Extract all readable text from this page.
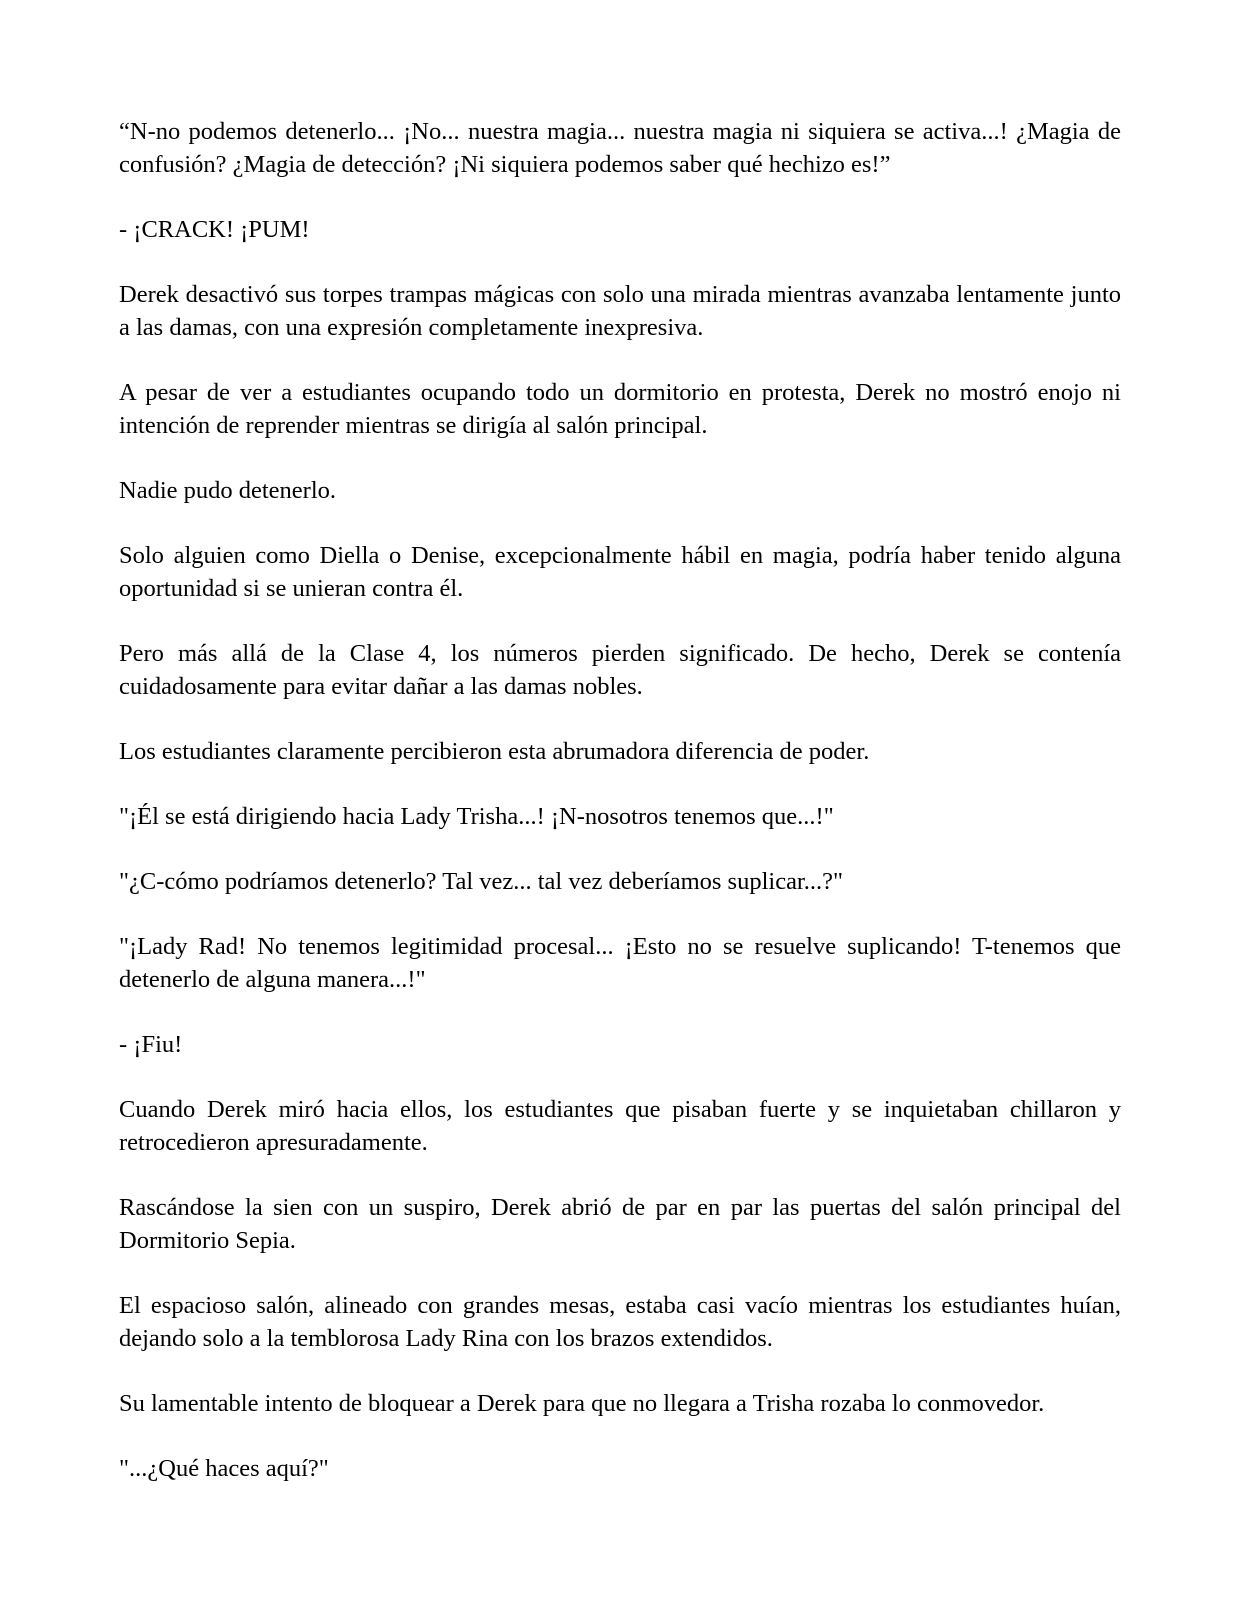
“N-no podemos detenerlo... ¡No... nuestra magia... nuestra magia ni siquiera se activa...! ¿Magia de confusión? ¿Magia de detección? ¡Ni siquiera podemos saber qué hechizo es!”

- ¡CRACK! ¡PUM!

Derek desactivó sus torpes trampas mágicas con solo una mirada mientras avanzaba lentamente junto a las damas, con una expresión completamente inexpresiva.

A pesar de ver a estudiantes ocupando todo un dormitorio en protesta, Derek no mostró enojo ni intención de reprender mientras se dirigía al salón principal.

Nadie pudo detenerlo.

Solo alguien como Diella o Denise, excepcionalmente hábil en magia, podría haber tenido alguna oportunidad si se unieran contra él.

Pero más allá de la Clase 4, los números pierden significado. De hecho, Derek se contenía cuidadosamente para evitar dañar a las damas nobles.

Los estudiantes claramente percibieron esta abrumadora diferencia de poder.

"¡Él se está dirigiendo hacia Lady Trisha...! ¡N-nosotros tenemos que...!"

"¿C-cómo podríamos detenerlo? Tal vez... tal vez deberíamos suplicar...?"

"¡Lady Rad! No tenemos legitimidad procesal... ¡Esto no se resuelve suplicando! T-tenemos que detenerlo de alguna manera...!"

- ¡Fiu!

Cuando Derek miró hacia ellos, los estudiantes que pisaban fuerte y se inquietaban chillaron y retrocedieron apresuradamente.

Rascándose la sien con un suspiro, Derek abrió de par en par las puertas del salón principal del Dormitorio Sepia.

El espacioso salón, alineado con grandes mesas, estaba casi vacío mientras los estudiantes huían, dejando solo a la temblorosa Lady Rina con los brazos extendidos.

Su lamentable intento de bloquear a Derek para que no llegara a Trisha rozaba lo conmovedor.

"...¿Qué haces aquí?"
